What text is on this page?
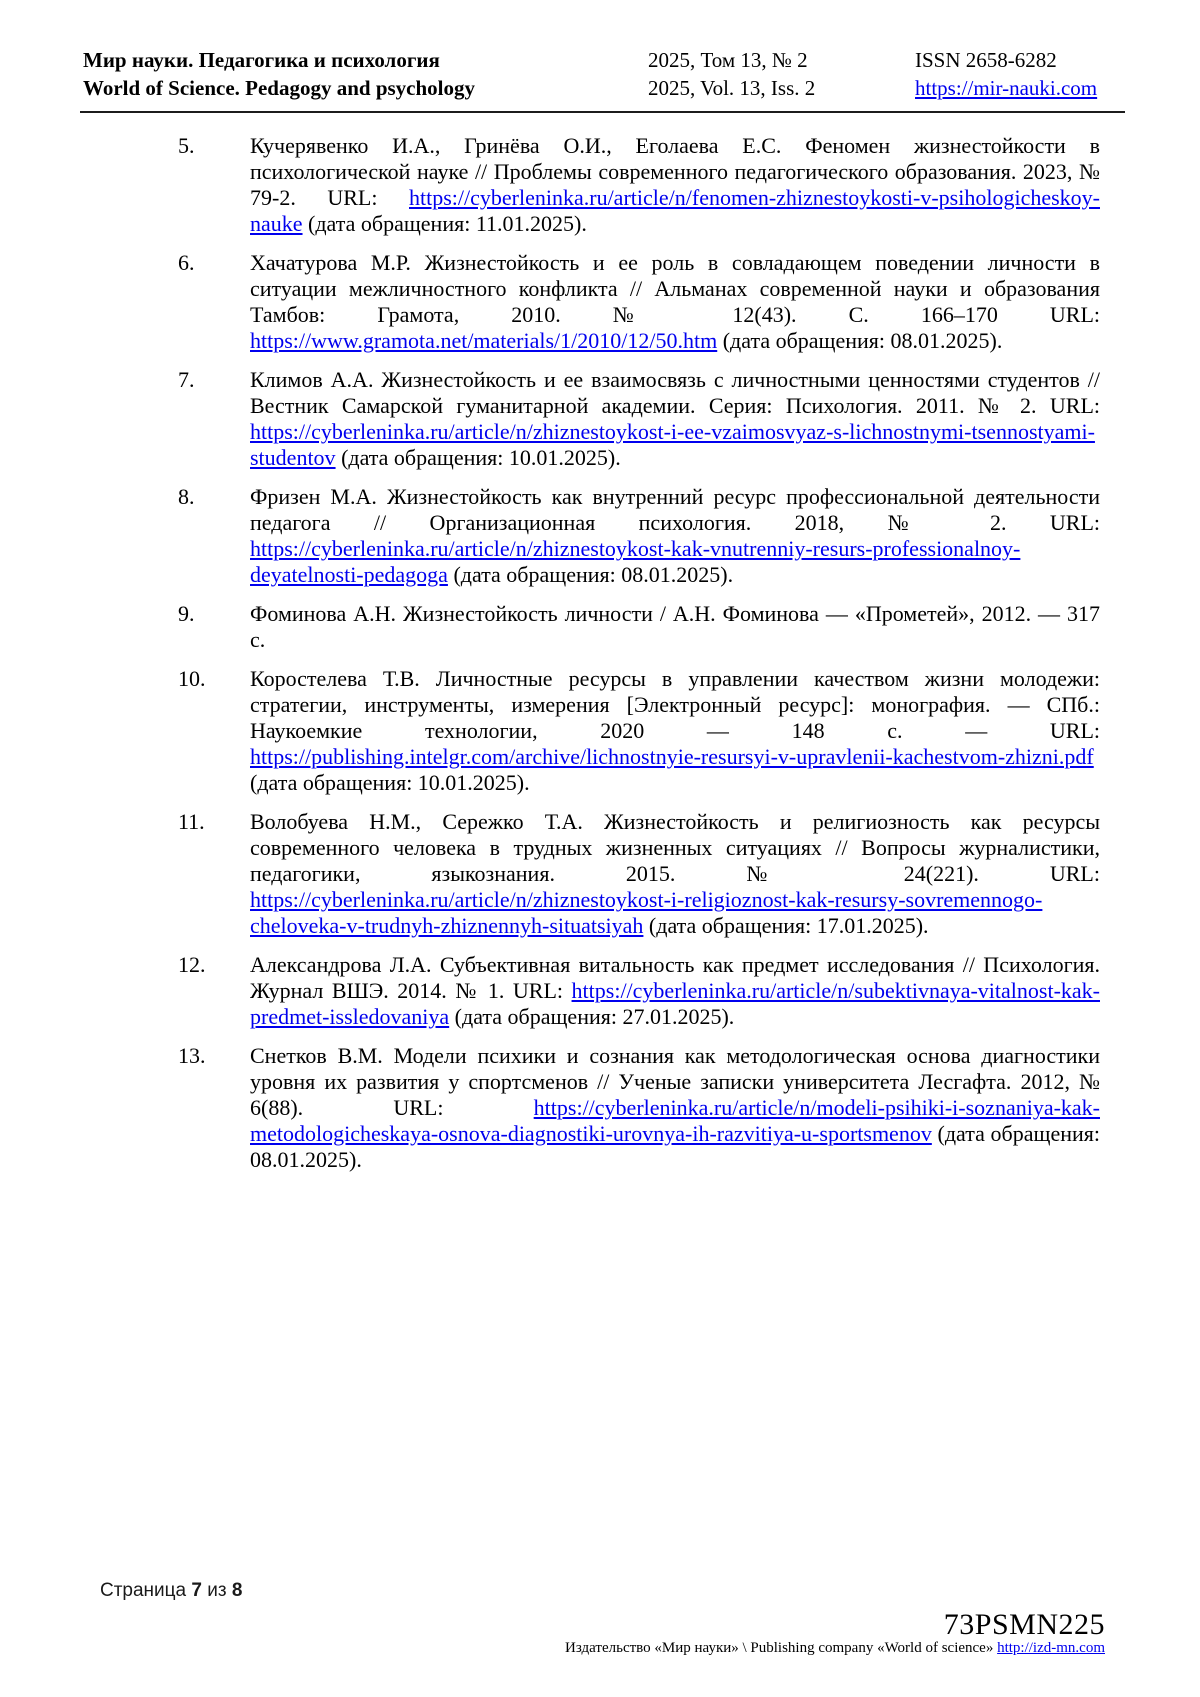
Мир науки. Педагогика и психология
World of Science. Pedagogy and psychology
2025, Том 13, № 2
2025, Vol. 13, Iss. 2
ISSN 2658-6282
https://mir-nauki.com
5.	Кучерявенко И.А., Гринёва О.И., Еголаева Е.С. Феномен жизнестойкости в психологической науке // Проблемы современного педагогического образования. 2023, № 79-2. URL: https://cyberleninka.ru/article/n/fenomen-zhiznestoykosti-v-psihologicheskoy-nauke (дата обращения: 11.01.2025).
6.	Хачатурова М.Р. Жизнестойкость и ее роль в совладающем поведении личности в ситуации межличностного конфликта // Альманах современной науки и образования Тамбов: Грамота, 2010. № 12(43). С. 166–170 URL: https://www.gramota.net/materials/1/2010/12/50.htm (дата обращения: 08.01.2025).
7.	Климов А.А. Жизнестойкость и ее взаимосвязь с личностными ценностями студентов // Вестник Самарской гуманитарной академии. Серия: Психология. 2011. № 2. URL: https://cyberleninka.ru/article/n/zhiznestoykost-i-ee-vzaimosvyaz-s-lichnostnymi-tsennostyami-studentov (дата обращения: 10.01.2025).
8.	Фризен М.А. Жизнестойкость как внутренний ресурс профессиональной деятельности педагога // Организационная психология. 2018, № 2. URL: https://cyberleninka.ru/article/n/zhiznestoykost-kak-vnutrenniy-resurs-professionalnoy-deyatelnosti-pedagoga (дата обращения: 08.01.2025).
9.	Фоминова А.Н. Жизнестойкость личности / А.Н. Фоминова — «Прометей», 2012. — 317 с.
10.	Коростелева Т.В. Личностные ресурсы в управлении качеством жизни молодежи: стратегии, инструменты, измерения [Электронный ресурс]: монография. — СПб.: Наукоемкие технологии, 2020 — 148 с. — URL: https://publishing.intelgr.com/archive/lichnostnyie-resursyi-v-upravlenii-kachestvom-zhizni.pdf (дата обращения: 10.01.2025).
11.	Волобуева Н.М., Сережко Т.А. Жизнестойкость и религиозность как ресурсы современного человека в трудных жизненных ситуациях // Вопросы журналистики, педагогики, языкознания. 2015. № 24(221). URL: https://cyberleninka.ru/article/n/zhiznestoykost-i-religioznost-kak-resursy-sovremennogo-cheloveka-v-trudnyh-zhiznennyh-situatsiyah (дата обращения: 17.01.2025).
12.	Александрова Л.А. Субъективная витальность как предмет исследования // Психология. Журнал ВШЭ. 2014. № 1. URL: https://cyberleninka.ru/article/n/subektivnaya-vitalnost-kak-predmet-issledovaniya (дата обращения: 27.01.2025).
13.	Снетков В.М. Модели психики и сознания как методологическая основа диагностики уровня их развития у спортсменов // Ученые записки университета Лесгафта. 2012, № 6(88). URL: https://cyberleninka.ru/article/n/modeli-psihiki-i-soznaniya-kak-metodologicheskaya-osnova-diagnostiki-urovnya-ih-razvitiya-u-sportsmenov (дата обращения: 08.01.2025).
Страница 7 из 8
73PSMN225
Издательство «Мир науки» \ Publishing company «World of science» http://izd-mn.com
